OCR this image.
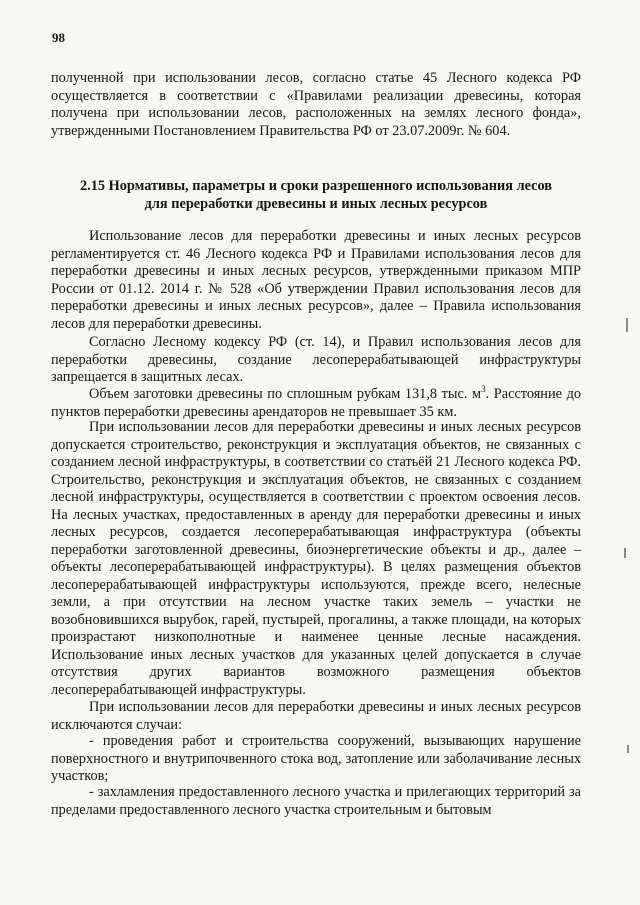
98

полученной при использовании лесов, согласно статье 45 Лесного кодекса РФ осуществляется в соответствии с «Правилами реализации древесины, которая получена при использовании лесов, расположенных на землях лесного фонда», утвержденными Постановлением Правительства РФ от 23.07.2009г. № 604.

2.15 Нормативы, параметры и сроки разрешенного использования лесов
для переработки древесины и иных лесных ресурсов

Использование лесов для переработки древесины и иных лесных ресурсов регламентируется ст. 46 Лесного кодекса РФ и Правилами использования лесов для переработки древесины и иных лесных ресурсов, утвержденными приказом МПР России от 01.12. 2014 г. № 528 «Об утверждении Правил использования лесов для переработки древесины и иных лесных ресурсов», далее – Правила использования лесов для переработки древесины.

Согласно Лесному кодексу РФ (ст. 14), и Правил использования лесов для переработки древесины, создание лесоперерабатывающей инфраструктуры запрещается в защитных лесах.

Объем заготовки древесины по сплошным рубкам 131,8 тыс. $м^3$. Расстояние до пунктов переработки древесины арендаторов не превышает 35 км.

При использовании лесов для переработки древесины и иных лесных ресурсов допускается строительство, реконструкция и эксплуатация объектов, не связанных с созданием лесной инфраструктуры, в соответствии со статьёй 21 Лесного кодекса РФ. Строительство, реконструкция и эксплуатация объектов, не связанных с созданием лесной инфраструктуры, осуществляется в соответствии с проектом освоения лесов. На лесных участках, предоставленных в аренду для переработки древесины и иных лесных ресурсов, создается лесоперерабатывающая инфраструктура (объекты переработки заготовленной древесины, биоэнергетические объекты и др., далее – объекты лесоперерабатывающей инфраструктуры). В целях размещения объектов лесоперерабатывающей инфраструктуры используются, прежде всего, нелесные земли, а при отсутствии на лесном участке таких земель – участки не возобновившихся вырубок, гарей, пустырей, прогалины, а также площади, на которых произрастают низкополнотные и наименее ценные лесные насаждения. Использование иных лесных участков для указанных целей допускается в случае отсутствия других вариантов возможного размещения объектов лесоперерабатывающей инфраструктуры.

При использовании лесов для переработки древесины и иных лесных ресурсов исключаются случаи:

- проведения работ и строительства сооружений, вызывающих нарушение поверхностного и внутрипочвенного стока вод, затопление или заболачивание лесных участков;

- захламления предоставленного лесного участка и прилегающих территорий за пределами предоставленного лесного участка строительным и бытовым
